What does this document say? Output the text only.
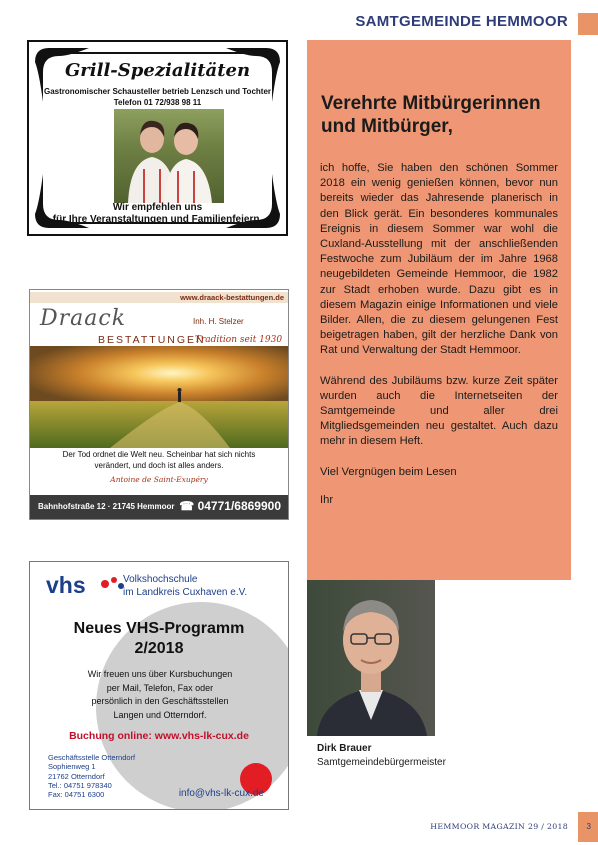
SAMTGEMEINDE HEMMOOR
Grill-Spezialitäten
Gastronomischer Schausteller betrieb Lenzsch und Tochter
Telefon 01 72/938 98 11
Wir empfehlen uns
für Ihre Veranstaltungen und Familienfeiern.
www.draack-bestattungen.de
Draack
BESTATTUNGEN
Inh. H. Stelzer
Tradition seit 1930
Der Tod ordnet die Welt neu. Scheinbar hat sich nichts
verändert, und doch ist alles anders.
Antoine de Saint-Exupéry
Bahnhofstraße 12 · 21745 Hemmoor ☎ 04771/6869900
vhs	Volkshochschule
im Landkreis Cuxhaven e.V.
Neues VHS-Programm
2/2018
Wir freuen uns über Kursbuchungen
per Mail, Telefon, Fax oder
persönlich in den Geschäftsstellen
Langen und Otterndorf.
Buchung online: www.vhs-lk-cux.de
Geschäftsstelle Otterndorf
Sophienweg 1
21762 Otterndorf
Tel.: 04751 978340
Fax: 04751 6300	info@vhs-lk-cux.de
Verehrte Mitbürgerinnen und Mitbürger,

ich hoffe, Sie haben den schönen Sommer 2018 ein wenig genießen können, bevor nun bereits wieder das Jahresende planerisch in den Blick gerät. Ein besonderes kommunales Ereignis in diesem Sommer war wohl die Cuxland-Ausstellung mit der anschließenden Festwoche zum Jubiläum der im Jahre 1968 neugebildeten Gemeinde Hemmoor, die 1982 zur Stadt erhoben wurde. Dazu gibt es in diesem Magazin einige Informationen und viele Bilder. Allen, die zu diesem gelungenen Fest beigetragen haben, gilt der herzliche Dank von Rat und Verwaltung der Stadt Hemmoor.

Während des Jubiläums bzw. kurze Zeit später wurden auch die Internetseiten der Samtgemeinde und aller drei Mitgliedsgemeinden neu gestaltet. Auch dazu mehr in diesem Heft.

Viel Vergnügen beim Lesen

Ihr

Dirk Brauer
Samtgemeindebürgermeister
HEMMOOR MAGAZIN 29 / 2018 3
